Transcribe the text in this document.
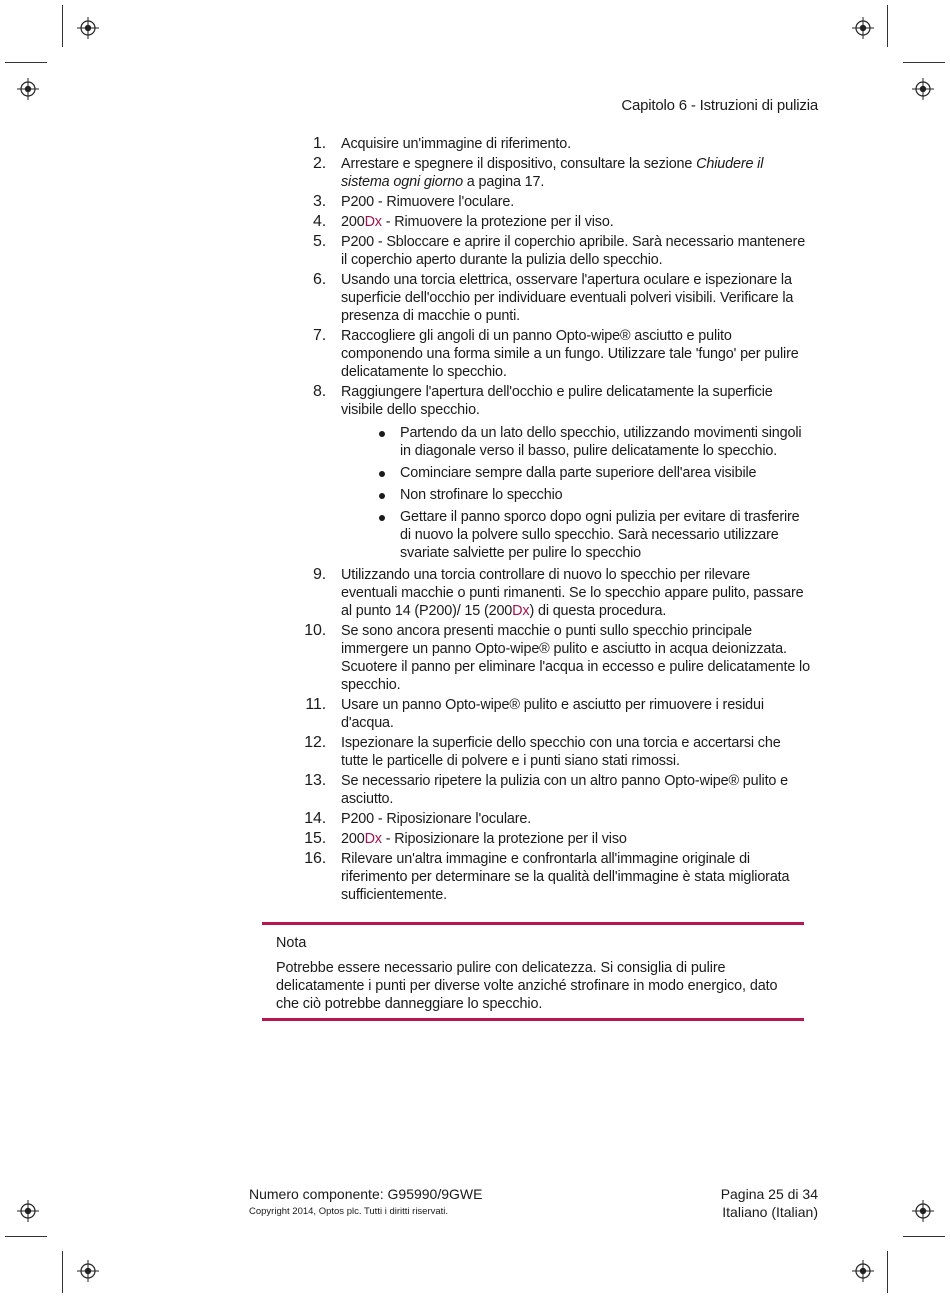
Capitolo 6 - Istruzioni di pulizia
1. Acquisire un'immagine di riferimento.
2. Arrestare e spegnere il dispositivo, consultare la sezione Chiudere il sistema ogni giorno a pagina 17.
3. P200 - Rimuovere l'oculare.
4. 200Dx - Rimuovere la protezione per il viso.
5. P200 - Sbloccare e aprire il coperchio apribile. Sarà necessario mantenere il coperchio aperto durante la pulizia dello specchio.
6. Usando una torcia elettrica, osservare l'apertura oculare e ispezionare la superficie dell'occhio per individuare eventuali polveri visibili. Verificare la presenza di macchie o punti.
7. Raccogliere gli angoli di un panno Opto-wipe® asciutto e pulito componendo una forma simile a un fungo. Utilizzare tale 'fungo' per pulire delicatamente lo specchio.
8. Raggiungere l'apertura dell'occhio e pulire delicatamente la superficie visibile dello specchio.
Partendo da un lato dello specchio, utilizzando movimenti singoli in diagonale verso il basso, pulire delicatamente lo specchio.
Cominciare sempre dalla parte superiore dell'area visibile
Non strofinare lo specchio
Gettare il panno sporco dopo ogni pulizia per evitare di trasferire di nuovo la polvere sullo specchio. Sarà necessario utilizzare svariate salviette per pulire lo specchio
9. Utilizzando una torcia controllare di nuovo lo specchio per rilevare eventuali macchie o punti rimanenti. Se lo specchio appare pulito, passare al punto 14 (P200)/ 15 (200Dx) di questa procedura.
10. Se sono ancora presenti macchie o punti sullo specchio principale immergere un panno Opto-wipe® pulito e asciutto in acqua deionizzata. Scuotere il panno per eliminare l'acqua in eccesso e pulire delicatamente lo specchio.
11. Usare un panno Opto-wipe® pulito e asciutto per rimuovere i residui d'acqua.
12. Ispezionare la superficie dello specchio con una torcia e accertarsi che tutte le particelle di polvere e i punti siano stati rimossi.
13. Se necessario ripetere la pulizia con un altro panno Opto-wipe® pulito e asciutto.
14. P200 - Riposizionare l'oculare.
15. 200Dx - Riposizionare la protezione per il viso
16. Rilevare un'altra immagine e confrontarla all'immagine originale di riferimento per determinare se la qualità dell'immagine è stata migliorata sufficientemente.
Nota
Potrebbe essere necessario pulire con delicatezza. Si consiglia di pulire delicatamente i punti per diverse volte anziché strofinare in modo energico, dato che ciò potrebbe danneggiare lo specchio.
Numero componente: G95990/9GWE
Copyright 2014, Optos plc. Tutti i diritti riservati.
Pagina 25 di 34
Italiano (Italian)
